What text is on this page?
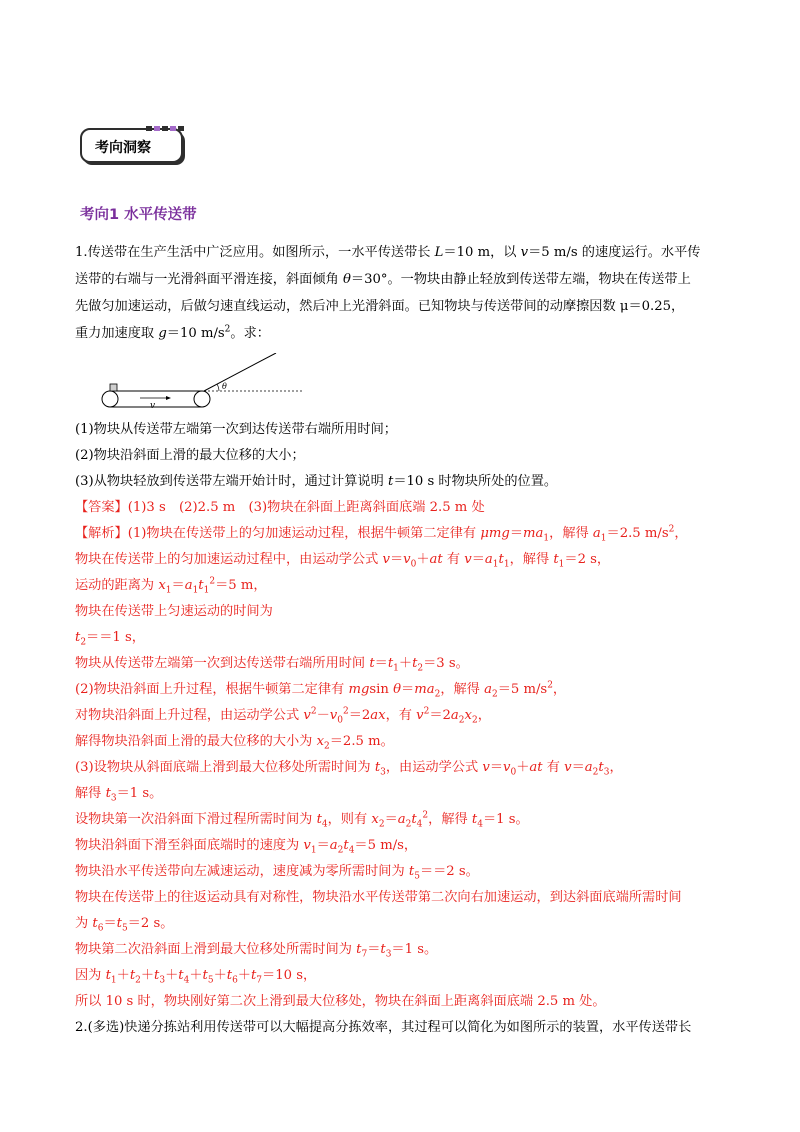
考向洞察
考向1 水平传送带
1.传送带在生产生活中广泛应用。如图所示，一水平传送带长 L＝10 m，以 v＝5 m/s 的速度运行。水平传
送带的右端与一光滑斜面平滑连接，斜面倾角 θ＝30°。一物块由静止轻放到传送带左端，物块在传送带上
先做匀加速运动，后做匀速直线运动，然后冲上光滑斜面。已知物块与传送带间的动摩擦因数 μ＝0.25，
重力加速度取 g＝10 $m/s^2$。求：
v
θ
(1)物块从传送带左端第一次到达传送带右端所用时间；
(2)物块沿斜面上滑的最大位移的大小；
(3)从物块轻放到传送带左端开始计时，通过计算说明 t＝10 s 时物块所处的位置。
【答案】(1)3 s　(2)2.5 m　(3)物块在斜面上距离斜面底端 2.5 m 处
【解析】(1)物块在传送带上的匀加速运动过程，根据牛顿第二定律有 $\mu mg=ma_1$，解得 $a_1=2.5$ $m/s^2$，
物块在传送带上的匀加速运动过程中，由运动学公式 $v=v_0+at$ 有 $v=a_1t_1$，解得 $t_1=2$ s，
运动的距离为 $x_1=a_1t_1^2=5$ m，
物块在传送带上匀速运动的时间为
$t_2==1$ s，
物块从传送带左端第一次到达传送带右端所用时间 $t=t_1+t_2=3$ s。
(2)物块沿斜面上升过程，根据牛顿第二定律有 mgsin $\theta=ma_2$，解得 $a_2=5$ $m/s^2$，
对物块沿斜面上升过程，由运动学公式 $v^2-v_0^2=2ax$，有 $v^2=2a_2x_2$，
解得物块沿斜面上滑的最大位移的大小为 $x_2=2.5$ m。
(3)设物块从斜面底端上滑到最大位移处所需时间为 $t_3$，由运动学公式 $v=v_0+at$ 有 $v=a_2t_3$，
解得 $t_3=1$ s。
设物块第一次沿斜面下滑过程所需时间为 $t_4$，则有 $x_2=a_2t_4^2$，解得 $t_4=1$ s。
物块沿斜面下滑至斜面底端时的速度为 $v_1=a_2t_4=5$ m/s，
物块沿水平传送带向左减速运动，速度减为零所需时间为 $t_5==2$ s。
物块在传送带上的往返运动具有对称性，物块沿水平传送带第二次向右加速运动，到达斜面底端所需时间
为 $t_6=t_5=2$ s。
物块第二次沿斜面上滑到最大位移处所需时间为 $t_7=t_3=1$ s。
因为 $t_1+t_2+t_3+t_4+t_5+t_6+t_7=10$ s，
所以 10 s 时，物块刚好第二次上滑到最大位移处，物块在斜面上距离斜面底端 2.5 m 处。
2.(多选)快递分拣站利用传送带可以大幅提高分拣效率，其过程可以简化为如图所示的装置，水平传送带长
